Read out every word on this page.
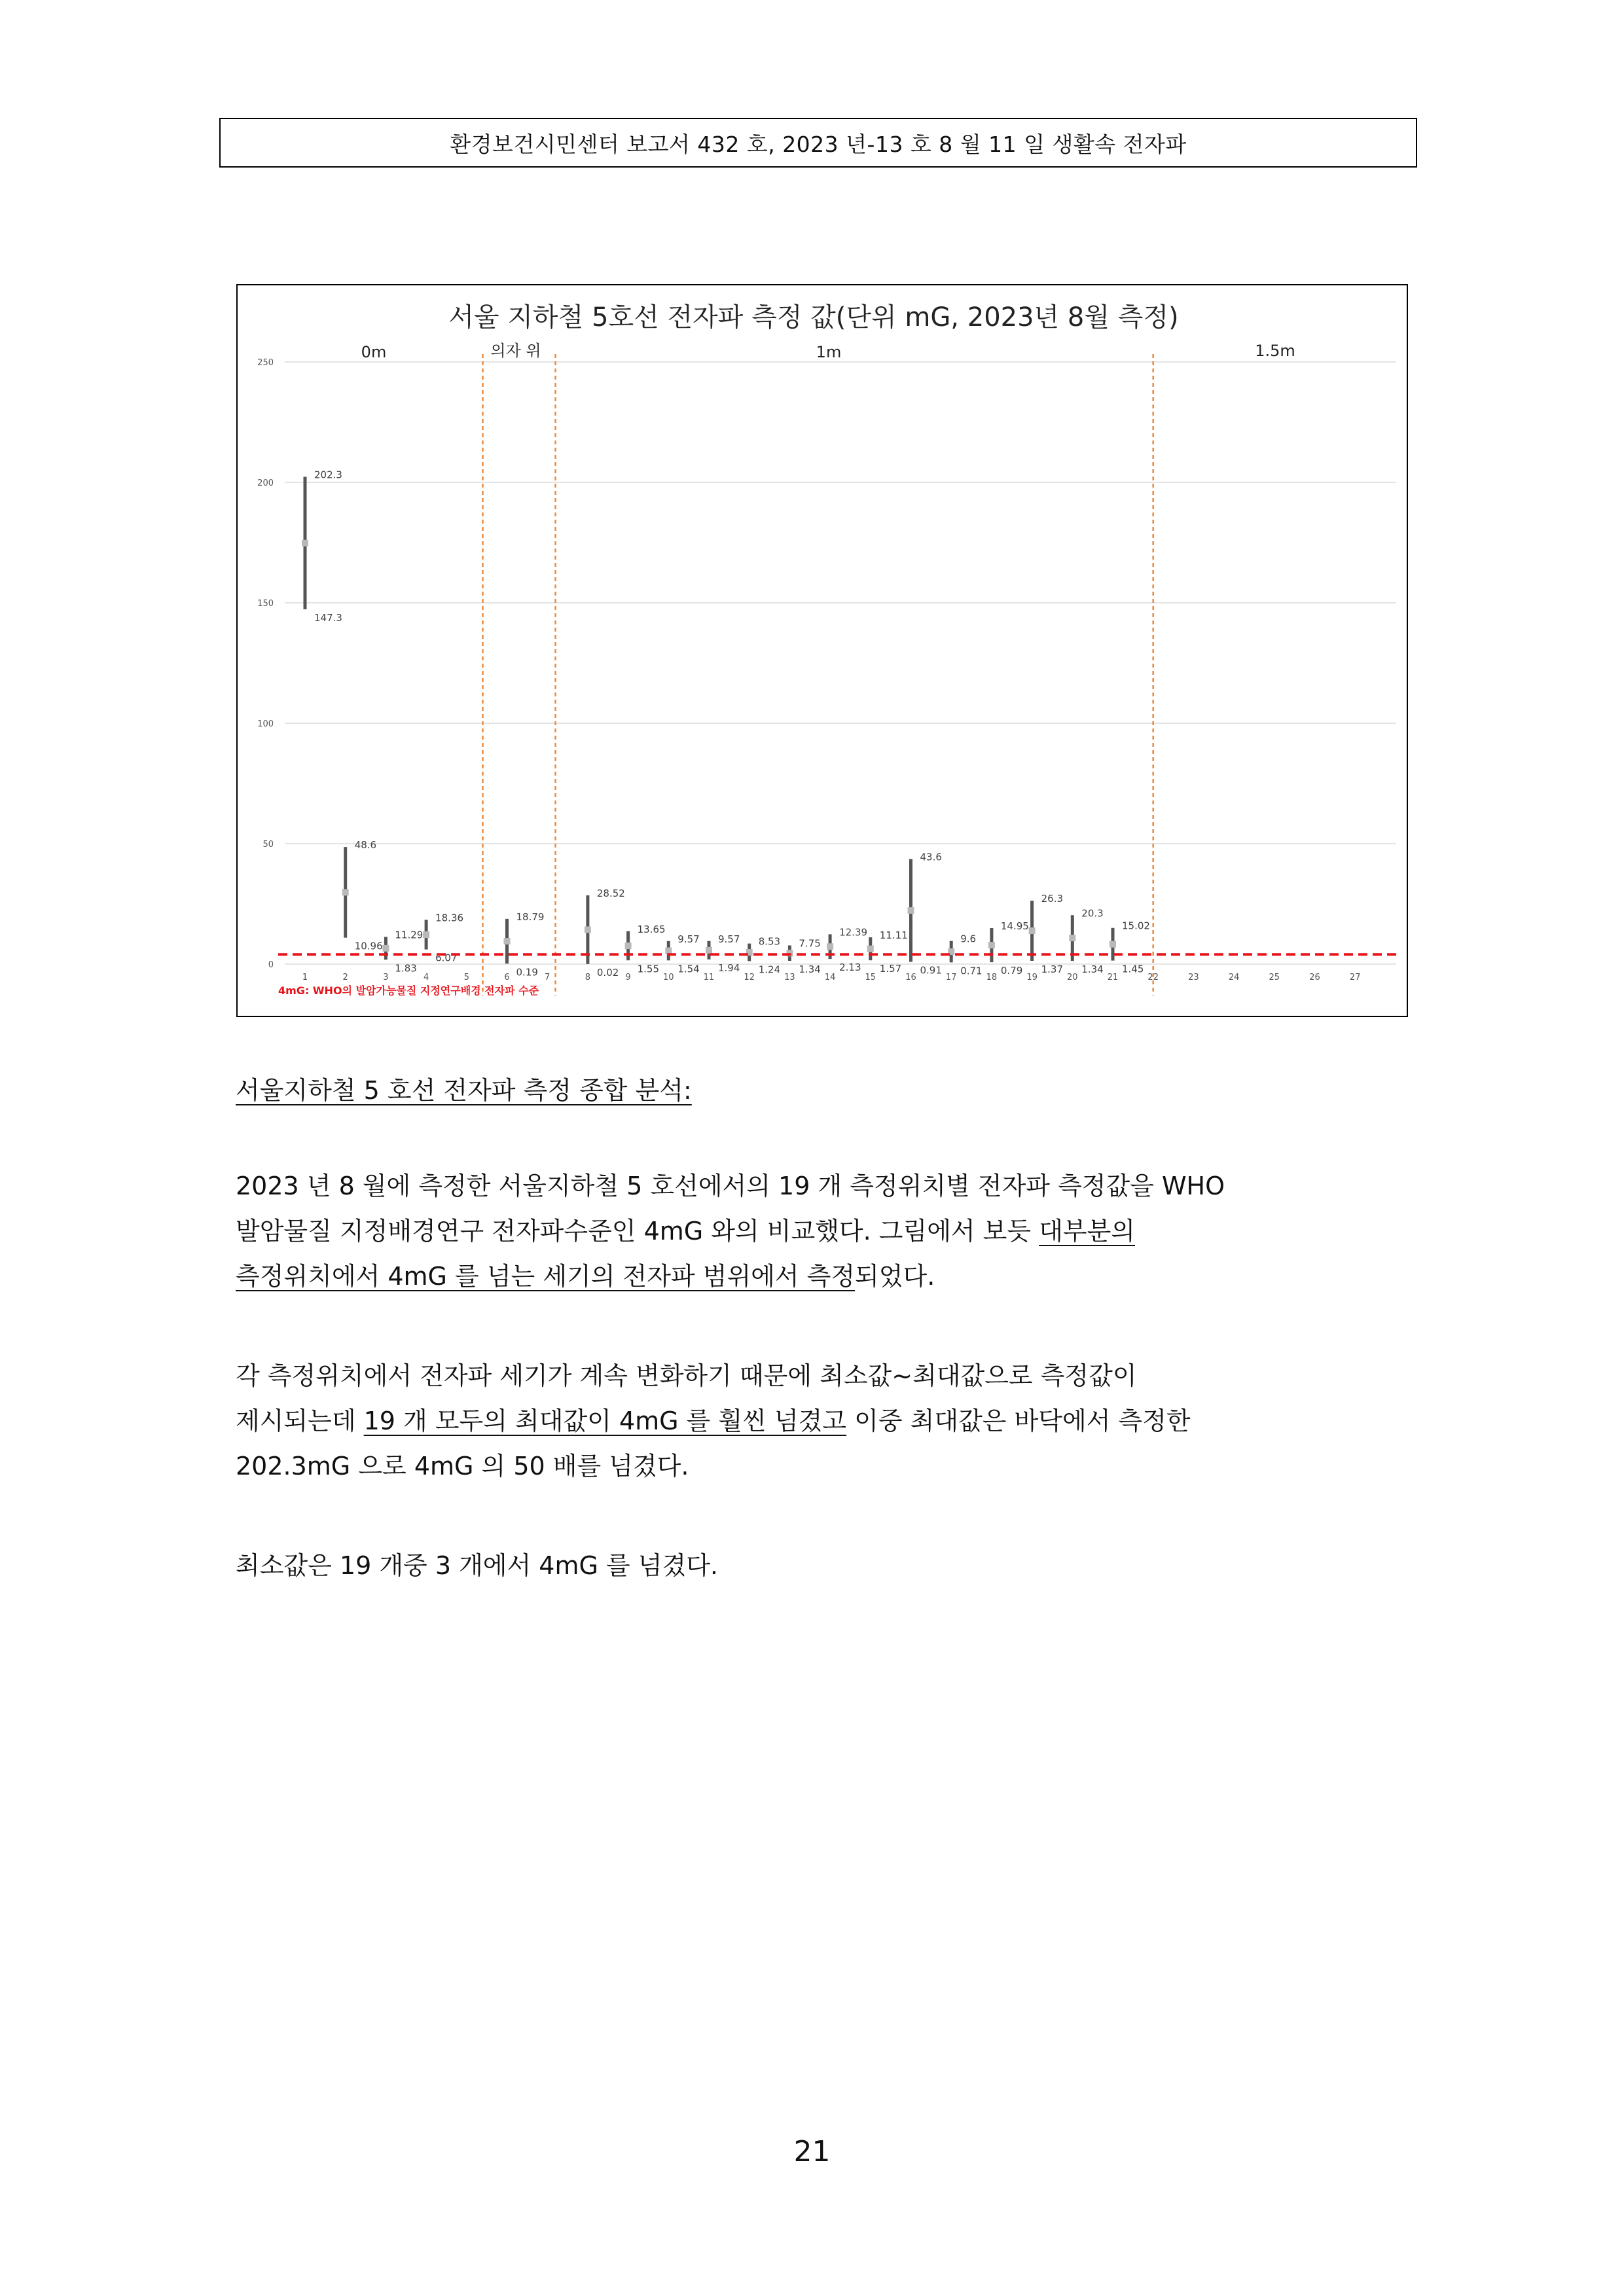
환경보건시민센터 보고서 432 호, 2023 년-13 호 8 월 11 일 생활속 전자파
서울 지하철 5호선 전자파 측정 값(단위 mG, 2023년 8월 측정)
0m	의자 위	1m	1.5m
0
50
100
150
200
250
1	2	3	4	5	6	7	8	9	10	11	12	13	14	15	16	17	18	19	20	21	22	23	24	25	26	27
202.3
147.3
48.6
10.96
11.29
1.83
18.36
6.07
18.79
0.19
28.52
0.02
13.65
1.55
9.57
1.54
9.57
1.94
8.53
1.24
7.75
1.34
12.39
2.13
11.11
1.57
43.6
0.91
9.6
0.71
14.95
0.79
26.3
1.37
20.3
1.34
15.02
1.45
4mG: WHO의 발암가능물질 지정연구배경 전자파 수준
서울지하철 5 호선 전자파 측정 종합 분석:
2023 년 8 월에 측정한 서울지하철 5 호선에서의 19 개 측정위치별 전자파 측정값을 WHO
발암물질 지정배경연구 전자파수준인 4mG 와의 비교했다. 그림에서 보듯 대부분의
측정위치에서 4mG 를 넘는 세기의 전자파 범위에서 측정되었다.
각 측정위치에서 전자파 세기가 계속 변화하기 때문에 최소값~최대값으로 측정값이
제시되는데 19 개 모두의 최대값이 4mG 를 훨씬 넘겼고 이중 최대값은 바닥에서 측정한
202.3mG 으로 4mG 의 50 배를 넘겼다.
최소값은 19 개중 3 개에서 4mG 를 넘겼다.
21
